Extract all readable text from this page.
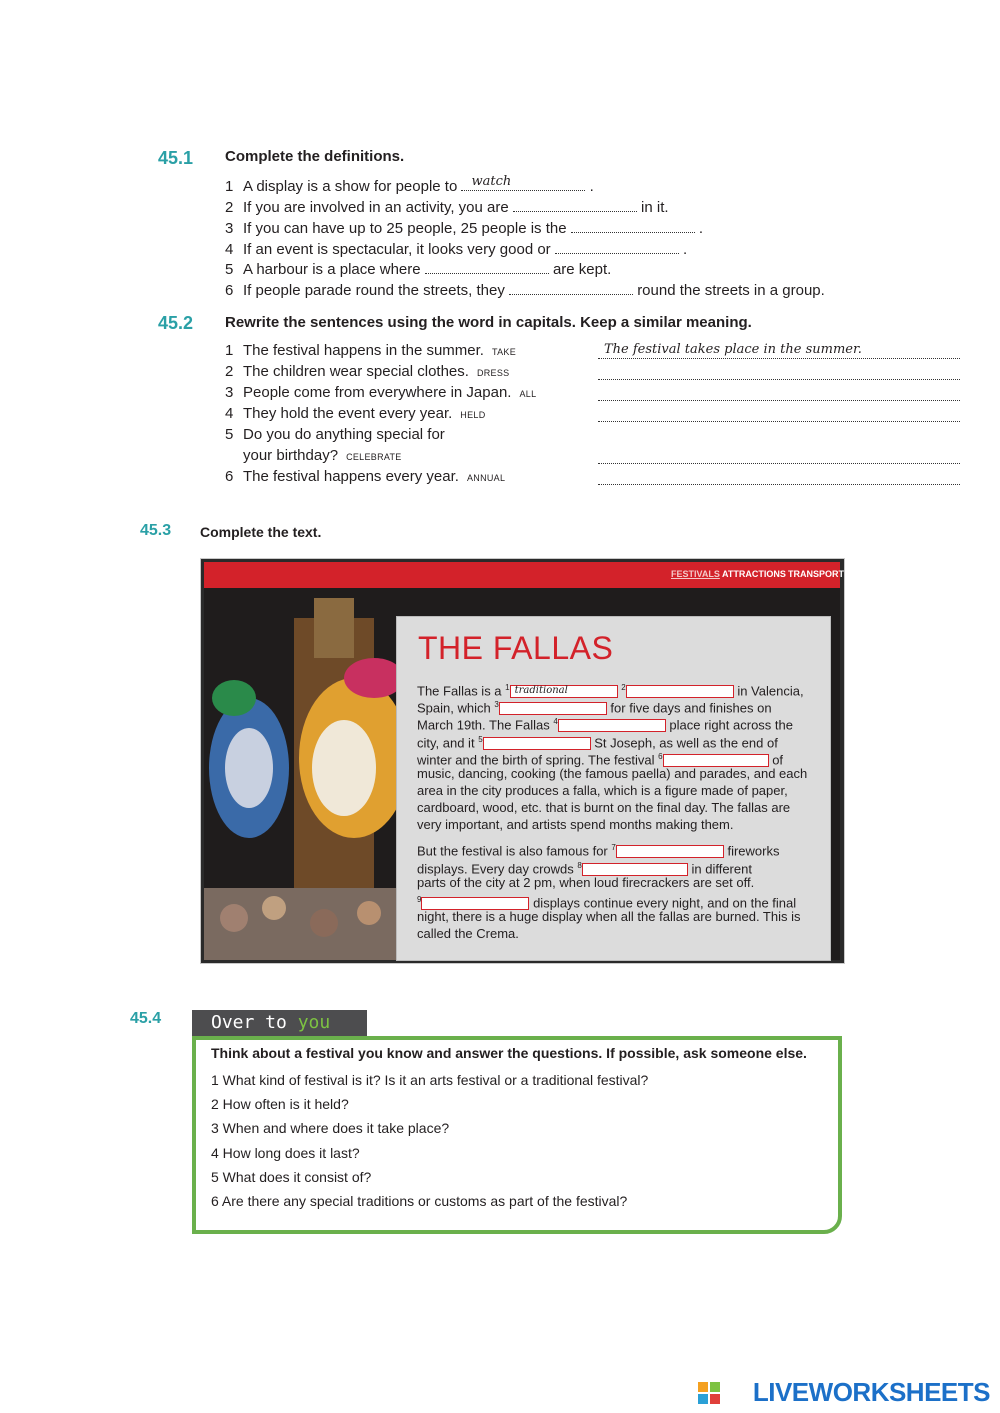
45.1 Complete the definitions.
1 A display is a show for people to watch	.
2 If you are involved in an activity, you are	in it.
3 If you can have up to 25 people, 25 people is the	.
4 If an event is spectacular, it looks very good or	.
5 A harbour is a place where	are kept.
6 If people parade round the streets, they	round the streets in a group.
45.2 Rewrite the sentences using the word in capitals. Keep a similar meaning.
1 The festival happens in the summer. TAKE	The festival takes place in the summer.
2 The children wear special clothes. DRESS
3 People come from everywhere in Japan. ALL
4 They hold the event every year. HELD
5 Do you do anything special for
your birthday? CELEBRATE
6 The festival happens every year. ANNUAL
45.3 Complete the text.
FESTIVALS ATTRACTIONS TRANSPORT
THE FALLAS
The Fallas is a $^1$ traditional	$^2$	in Valencia,
Spain, which $^3$	for five days and finishes on
March 19th. The Fallas $^4$	place right across the
city, and it $^5$	St Joseph, as well as the end of
winter and the birth of spring. The festival $^6$	of
music, dancing, cooking (the famous paella) and parades, and each
area in the city produces a falla, which is a figure made of paper,
cardboard, wood, etc. that is burnt on the final day. The fallas are
very important, and artists spend months making them.
But the festival is also famous for $^7$	fireworks
displays. Every day crowds $^8$	in different
parts of the city at 2 pm, when loud firecrackers are set off.
$^9$	displays continue every night, and on the final
night, there is a huge display when all the fallas are burned. This is
called the Crema.
45.4	Over to you
Think about a festival you know and answer the questions. If possible, ask someone else.
1 What kind of festival is it? Is it an arts festival or a traditional festival?
2 How often is it held?
3 When and where does it take place?
4 How long does it last?
5 What does it consist of?
6 Are there any special traditions or customs as part of the festival?
LIVEWORKSHEETS
